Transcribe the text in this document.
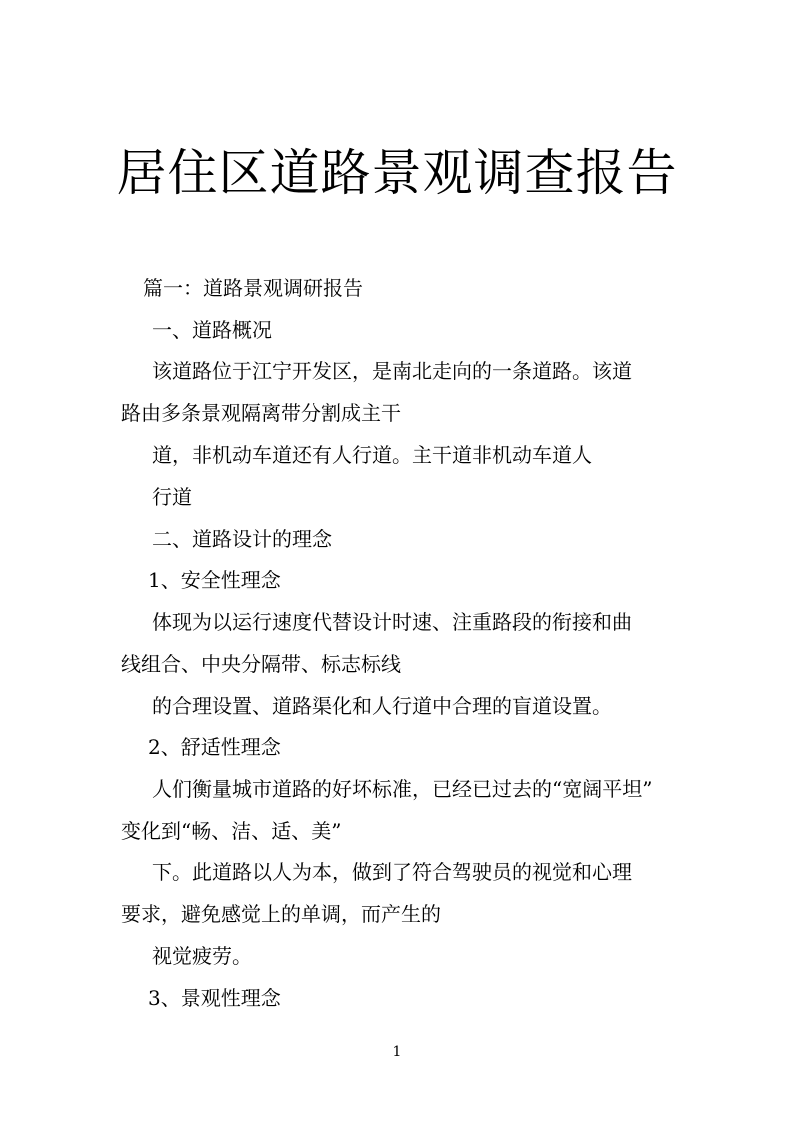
居住区道路景观调查报告
篇一：道路景观调研报告
一、道路概况
该道路位于江宁开发区，是南北走向的一条道路。该道
路由多条景观隔离带分割成主干
道，非机动车道还有人行道。主干道非机动车道人
行道
二、道路设计的理念
1、安全性理念
体现为以运行速度代替设计时速、注重路段的衔接和曲
线组合、中央分隔带、标志标线
的合理设置、道路渠化和人行道中合理的盲道设置。
2、舒适性理念
人们衡量城市道路的好坏标准，已经已过去的“宽阔平坦”
变化到“畅、洁、适、美”
下。此道路以人为本，做到了符合驾驶员的视觉和心理
要求，避免感觉上的单调，而产生的
视觉疲劳。
3、景观性理念
1
